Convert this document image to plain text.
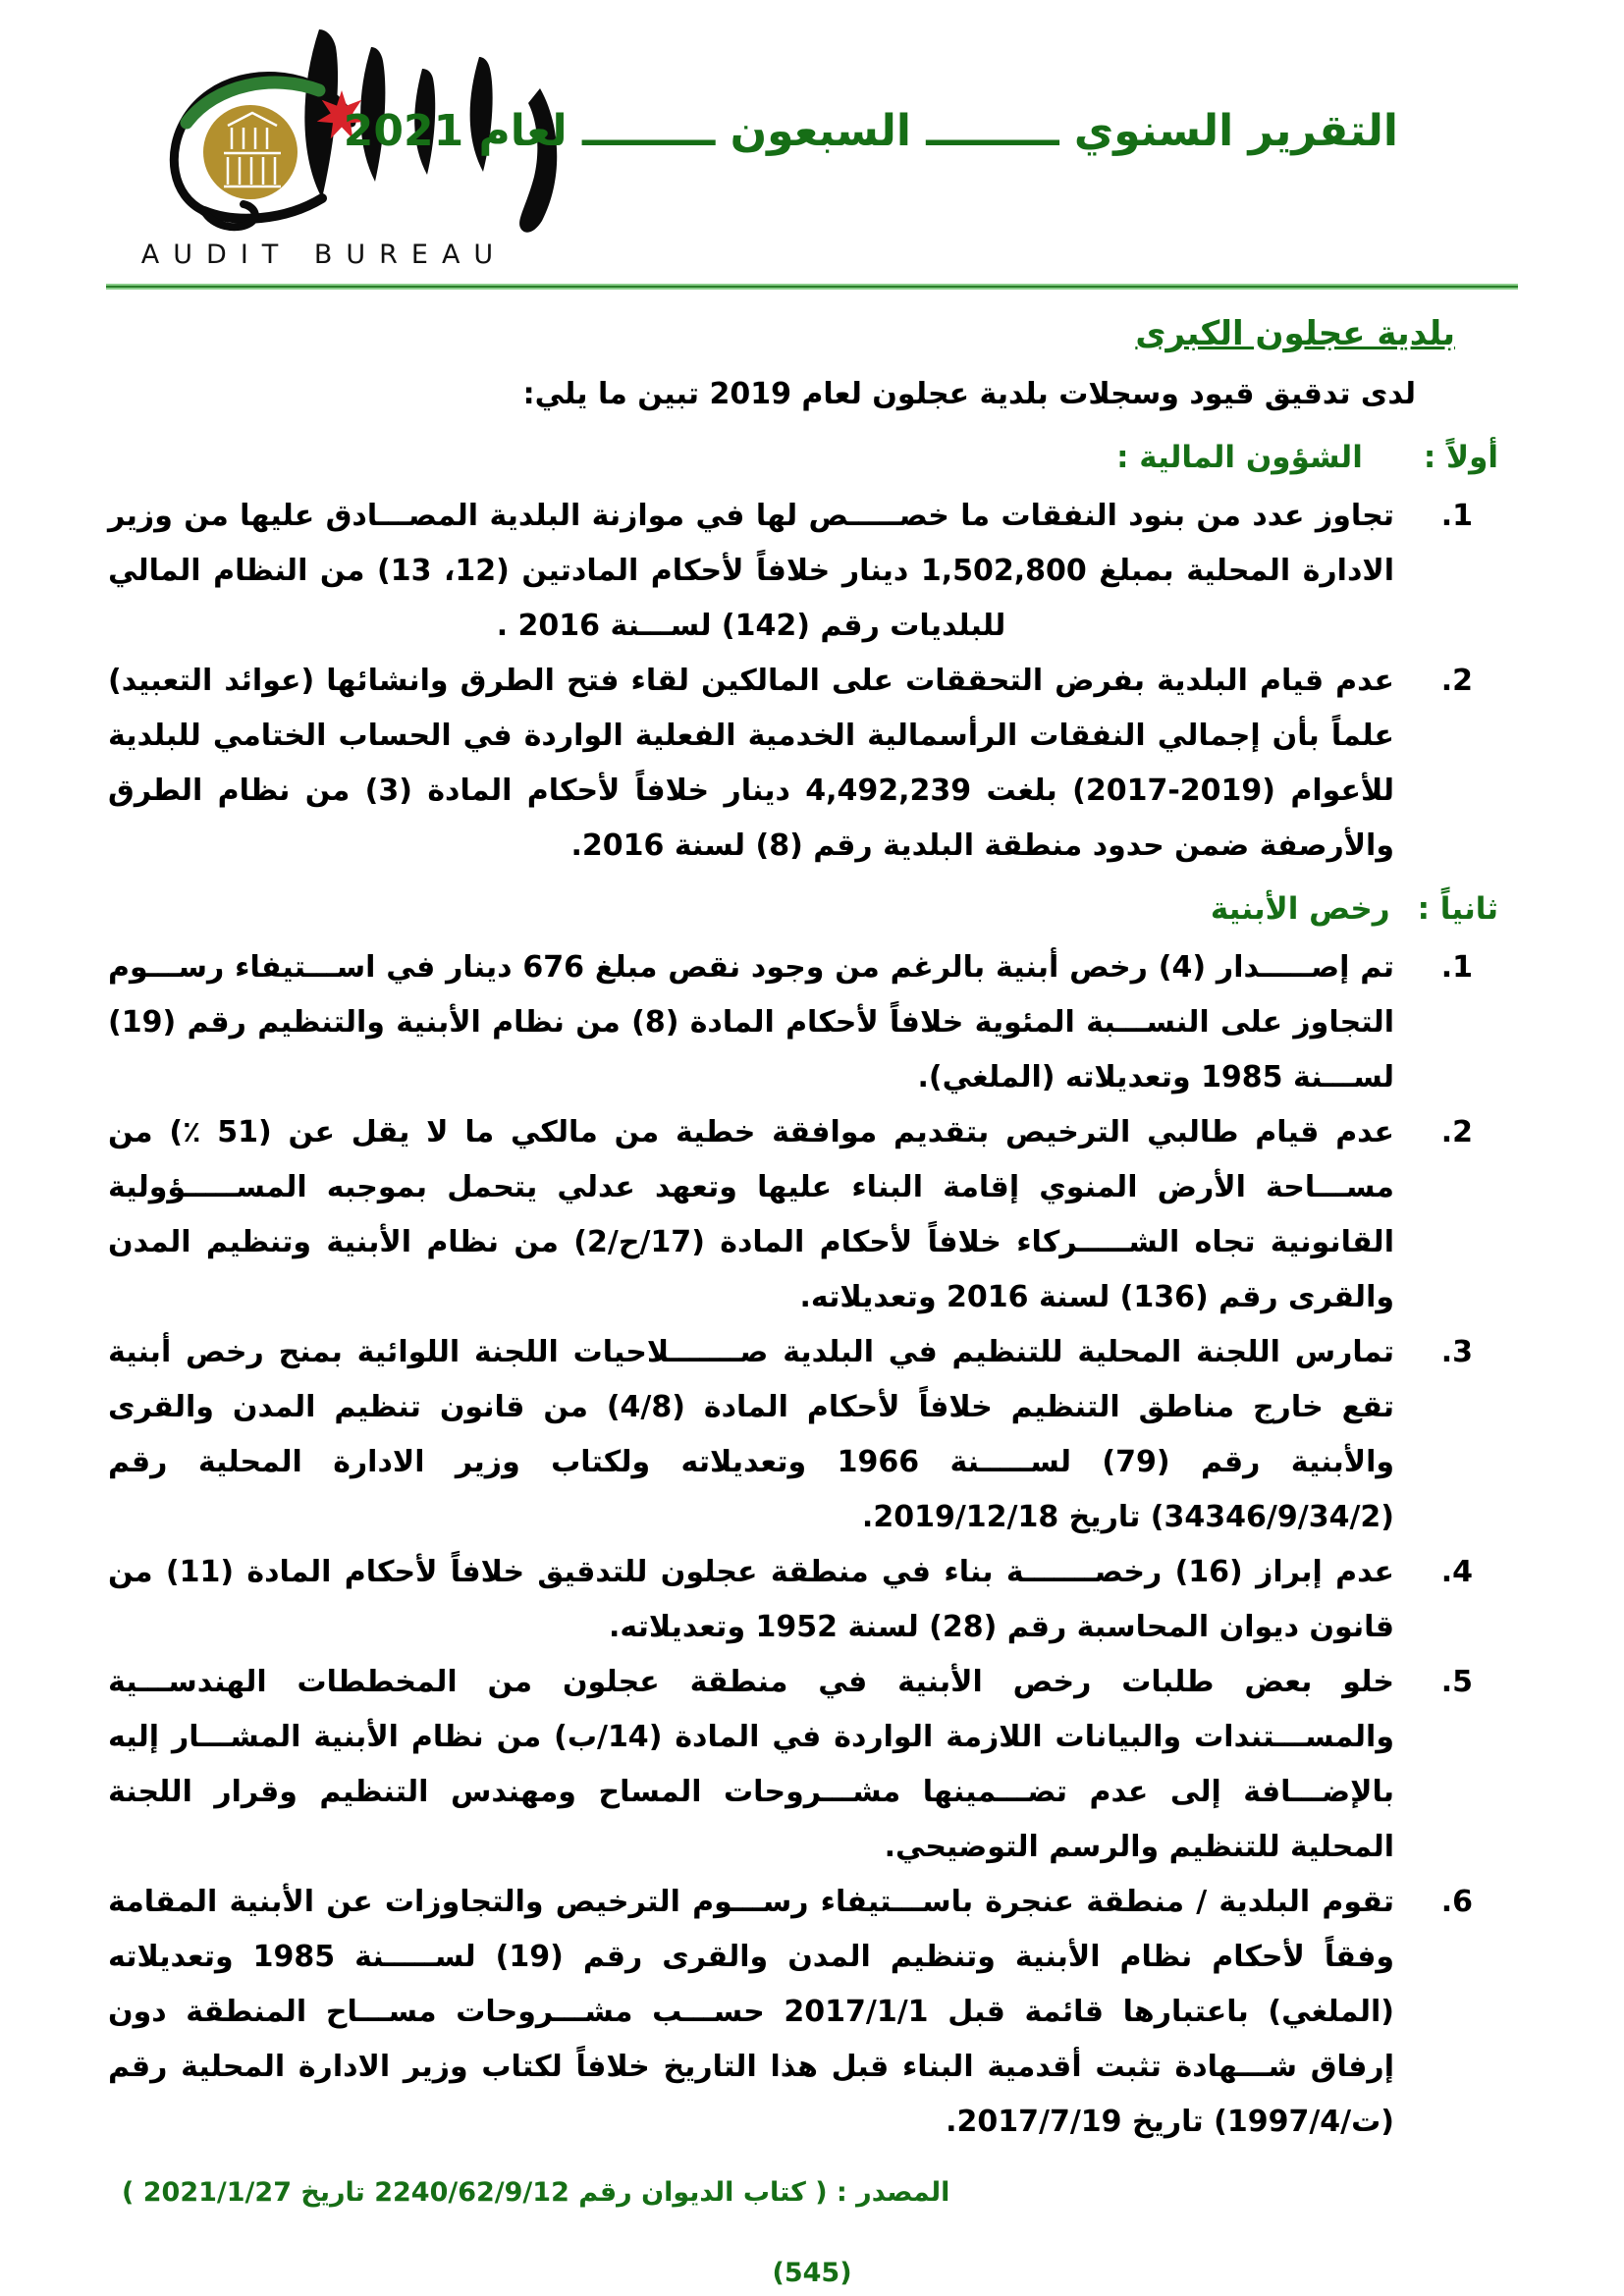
AUDIT BUREAU
التقرير السنوي ـــــــــ السبعون ـــــــــ لعام 2021
بلدية عجلون الكبرى
لدى تدقيق قيود وسجلات بلدية عجلون لعام 2019 تبين ما يلي:
أولاً :
الشؤون المالية :
1.
تجاوز عدد من بنود النفقات ما خصـــــص لها في موازنة البلدية المصـــادق عليها من وزير الادارة المحلية بمبلغ 1,502,800 دينار خلافاً لأحكام المادتين (12، 13) من النظام المالي للبلديات رقم (142) لســـنة 2016 .
2.
عدم قيام البلدية بفرض التحققات على المالكين لقاء فتح الطرق وانشائها (عوائد التعبيد) علماً بأن إجمالي النفقات الرأسمالية الخدمية الفعلية الواردة في الحساب الختامي للبلدية للأعوام (2019-2017) بلغت 4,492,239 دينار خلافاً لأحكام المادة (3) من نظام الطرق والأرصفة ضمن حدود منطقة البلدية رقم (8) لسنة 2016.
ثانياً :
رخص الأبنية
1.
تم إصـــــدار (4) رخص أبنية بالرغم من وجود نقص مبلغ 676 دينار في اســـتيفاء رســـوم التجاوز على النســـبة المئوية خلافاً لأحكام المادة (8) من نظام الأبنية والتنظيم رقم (19) لســـنة 1985 وتعديلاته (الملغي).
2.
عدم قيام طالبي الترخيص بتقديم موافقة خطية من مالكي ما لا يقل عن (51 ٪) من مســـاحة الأرض المنوي إقامة البناء عليها وتعهد عدلي يتحمل بموجبه المســـــؤولية القانونية تجاه الشـــــركاء خلافاً لأحكام المادة (17/ح/2) من نظام الأبنية وتنظيم المدن والقرى رقم (136) لسنة 2016 وتعديلاته.
3.
تمارس اللجنة المحلية للتنظيم في البلدية صـــــــلاحيات اللجنة اللوائية بمنح رخص أبنية تقع خارج مناطق التنظيم خلافاً لأحكام المادة (4/8) من قانون تنظيم المدن والقرى والأبنية رقم (79) لســـــنة 1966 وتعديلاته ولكتاب وزير الادارة المحلية رقم (34346/9/34/2) تاريخ 2019/12/18.
4.
عدم إبراز (16) رخصـــــــة بناء في منطقة عجلون للتدقيق خلافاً لأحكام المادة (11) من قانون ديوان المحاسبة رقم (28) لسنة 1952 وتعديلاته.
5.
خلو بعض طلبات رخص الأبنية في منطقة عجلون من المخططات الهندســـية والمســـتندات والبيانات اللازمة الواردة في المادة (14/ب) من نظام الأبنية المشـــار إليه بالإضـــافة إلى عدم تضـــمينها مشـــروحات المساح ومهندس التنظيم وقرار اللجنة المحلية للتنظيم والرسم التوضيحي.
6.
تقوم البلدية / منطقة عنجرة باســـتيفاء رســـوم الترخيص والتجاوزات عن الأبنية المقامة وفقاً لأحكام نظام الأبنية وتنظيم المدن والقرى رقم (19) لســـــنة 1985 وتعديلاته (الملغي) باعتبارها قائمة قبل 2017/1/1 حســـب مشـــروحات مســـاح المنطقة دون إرفاق شـــهادة تثبت أقدمية البناء قبل هذا التاريخ خلافاً لكتاب وزير الادارة المحلية رقم (ت/1997/4) تاريخ 2017/7/19.
المصدر : ( كتاب الديوان رقم 2240/62/9/12 تاريخ 2021/1/27 )
(545)
